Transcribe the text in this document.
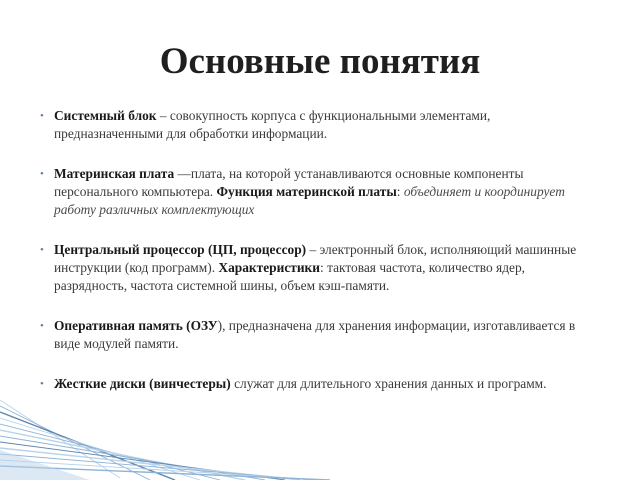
Основные понятия
• Системный блок – совокупность корпуса с функциональными элементами, предназначенными для обработки информации.
• Материнская плата —плата, на которой устанавливаются основные компоненты персонального компьютера. Функция материнской платы: объединяет и координирует работу различных комплектующих
• Центральный процессор (ЦП, процессор) – электронный блок, исполняющий машинные инструкции (код программ). Характеристики: тактовая частота, количество ядер, разрядность, частота системной шины, объем кэш-памяти.
• Оперативная память (ОЗУ), предназначена для хранения информации, изготавливается в виде модулей памяти.
• Жесткие диски (винчестеры) служат для длительного хранения данных и программ.
